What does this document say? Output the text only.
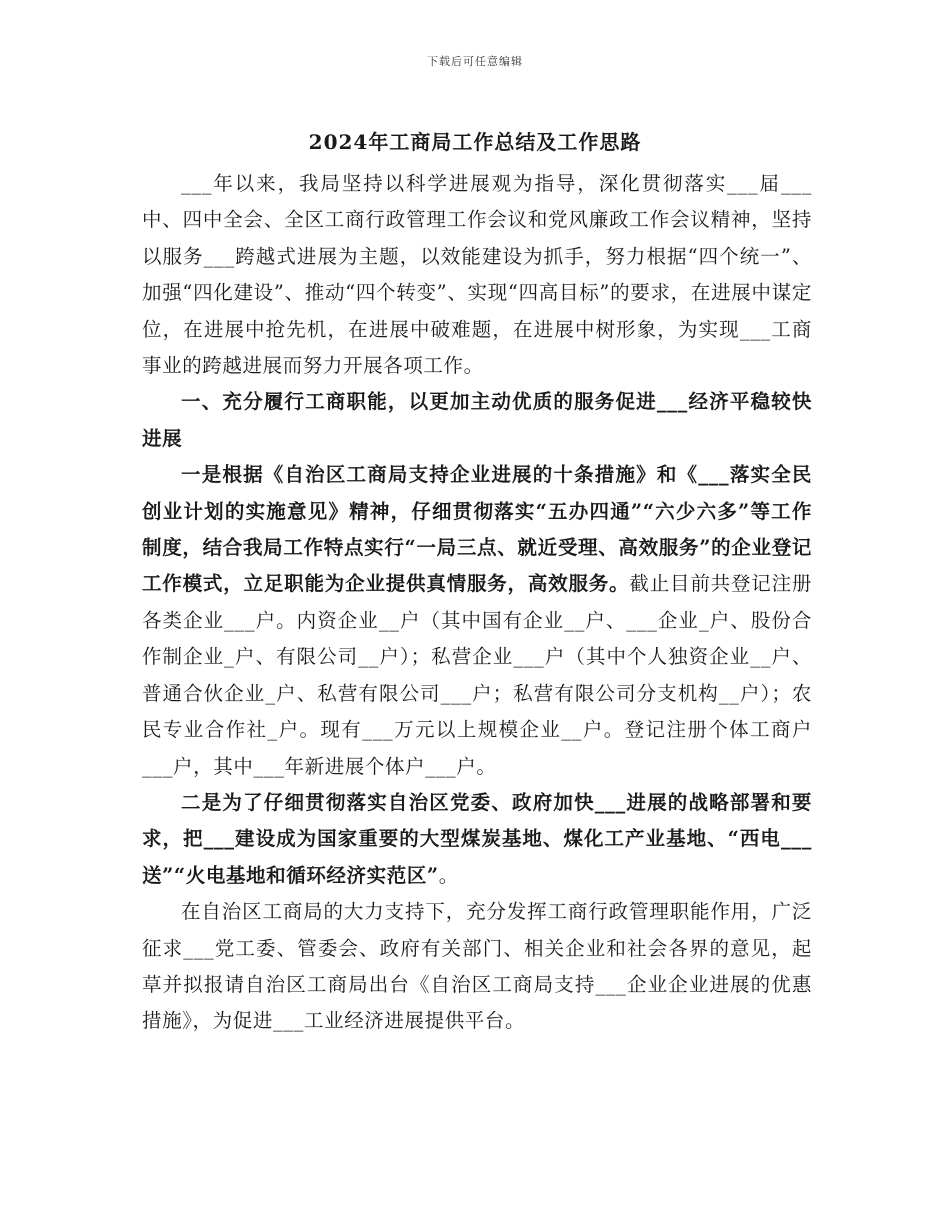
下载后可任意编辑
2024年工商局工作总结及工作思路

___年以来，我局坚持以科学进展观为指导，深化贯彻落实___届___中、四中全会、全区工商行政管理工作会议和党风廉政工作会议精神，坚持以服务___跨越式进展为主题，以效能建设为抓手，努力根据“四个统一”、加强“四化建设”、推动“四个转变”、实现“四高目标”的要求，在进展中谋定位，在进展中抢先机，在进展中破难题，在进展中树形象，为实现___工商事业的跨越进展而努力开展各项工作。

一、充分履行工商职能，以更加主动优质的服务促进___经济平稳较快进展

一是根据《自治区工商局支持企业进展的十条措施》和《___落实全民创业计划的实施意见》精神，仔细贯彻落实“五办四通”“六少六多”等工作制度，结合我局工作特点实行“一局三点、就近受理、高效服务”的企业登记工作模式，立足职能为企业提供真情服务，高效服务。截止目前共登记注册各类企业___户。内资企业__户（其中国有企业__户、___企业_户、股份合作制企业_户、有限公司__户）；私营企业___户（其中个人独资企业__户、普通合伙企业_户、私营有限公司___户；私营有限公司分支机构__户）；农民专业合作社_户。现有___万元以上规模企业__户。登记注册个体工商户___户，其中___年新进展个体户___户。

二是为了仔细贯彻落实自治区党委、政府加快___进展的战略部署和要求，把___建设成为国家重要的大型煤炭基地、煤化工产业基地、“西电___送”“火电基地和循环经济实范区”。

在自治区工商局的大力支持下，充分发挥工商行政管理职能作用，广泛征求___党工委、管委会、政府有关部门、相关企业和社会各界的意见，起草并拟报请自治区工商局出台《自治区工商局支持___企业企业进展的优惠措施》，为促进___工业经济进展提供平台。
